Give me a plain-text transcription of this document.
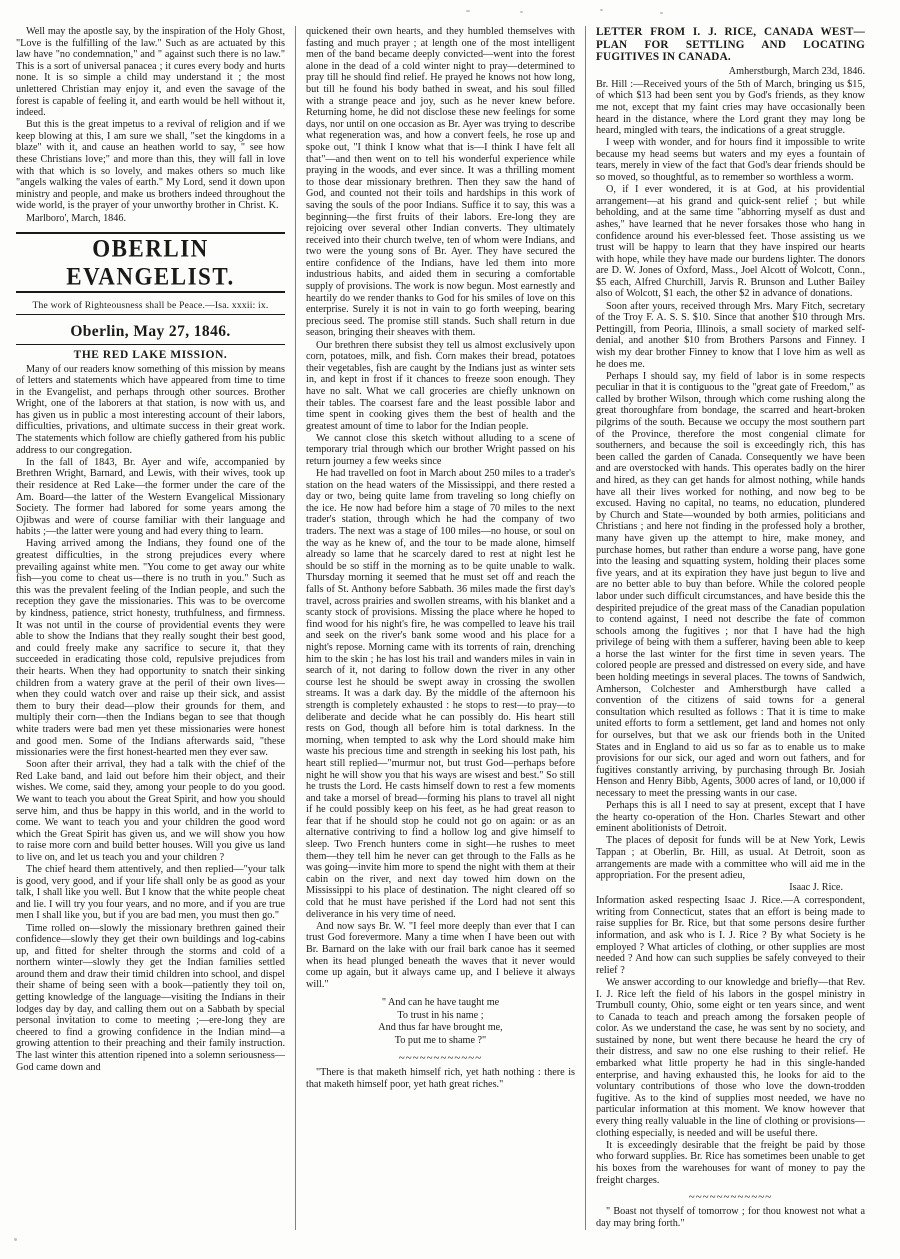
Well may the apostle say, by the inspiration of the Holy Ghost, "Love is the fulfilling of the law." Such as are actuated by this law have "no condemnation," and " against such there is no law." This is a sort of universal panacea ; it cures every body and hurts none. It is so simple a child may understand it ; the most unlettered Christian may enjoy it, and even the savage of the forest is capable of feeling it, and earth would be hell without it, indeed.

But this is the great impetus to a revival of religion and if we keep blowing at this, I am sure we shall, "set the kingdoms in a blaze" with it, and cause an heathen world to say, " see how these Christians love;" and more than this, they will fall in love with that which is so lovely, and makes others so much like "angels walking the vales of earth." My Lord, send it down upon ministry and people, and make us brothers indeed throughout the wide world, is the prayer of your unworthy brother in Christ. K.

Marlboro', March, 1846.
OBERLIN EVANGELIST.
The work of Righteousness shall be Peace.—Isa. xxxii: ix.
Oberlin, May 27, 1846.
THE RED LAKE MISSION.

Many of our readers know something of this mission by means of letters and statements which have appeared from time to time in the Evangelist, and perhaps through other sources. Brother Wright, one of the laborers at that station, is now with us, and has given us in public a most interesting account of their labors, difficulties, privations, and ultimate success in their great work. The statements which follow are chiefly gathered from his public address to our congregation.

In the fall of 1843, Br. Ayer and wife, accompanied by Brethren Wright, Barnard, and Lewis, with their wives, took up their residence at Red Lake—the former under the care of the Am. Board—the latter of the Western Evangelical Missionary Society. The former had labored for some years among the Ojibwas and were of course familiar with their language and habits ;—the latter were young and had every thing to learn.

Having arrived among the Indians, they found one of the greatest difficulties, in the strong prejudices every where prevailing against white men. "You come to get away our white fish—you come to cheat us—there is no truth in you." Such as this was the prevalent feeling of the Indian people, and such the reception they gave the missionaries. This was to be overcome by kindness, patience, strict honesty, truthfulness, and firmness. It was not until in the course of providential events they were able to show the Indians that they really sought their best good, and could freely make any sacrifice to secure it, that they succeeded in eradicating those cold, repulsive prejudices from their hearts. When they had opportunity to snatch their sinking children from a watery grave at the peril of their own lives—when they could watch over and raise up their sick, and assist them to bury their dead—plow their grounds for them, and multiply their corn—then the Indians began to see that though white traders were bad men yet these missionaries were honest and good men. Some of the Indians afterwards said, "these missionaries were the first honest-hearted men they ever saw.

Soon after their arrival, they had a talk with the chief of the Red Lake band, and laid out before him their object, and their wishes. We come, said they, among your people to do you good. We want to teach you about the Great Spirit, and how you should serve him, and thus be happy in this world, and in the world to come. We want to teach you and your children the good word which the Great Spirit has given us, and we will show you how to raise more corn and build better houses. Will you give us land to live on, and let us teach you and your children ?

The chief heard them attentively, and then replied—"your talk is good, very good, and if your life shall only be as good as your talk, I shall like you well. But I know that the white people cheat and lie. I will try you four years, and no more, and if you are true men I shall like you, but if you are bad men, you must then go."

Time rolled on—slowly the missionary brethren gained their confidence—slowly they get their own buildings and log-cabins up, and fitted for shelter through the storms and cold of a northern winter—slowly they get the Indian families settled around them and draw their timid children into school, and dispel their shame of being seen with a book—patiently they toil on, getting knowledge of the language—visiting the Indians in their lodges day by day, and calling them out on a Sabbath by special personal invitation to come to meeting ;—ere-long they are cheered to find a growing confidence in the Indian mind—a growing attention to their preaching and their family instruction. The last winter this attention ripened into a solemn seriousness—God came down and

quickened their own hearts, and they humbled themselves with fasting and much prayer ; at length one of the most intelligent men of the band became deeply convicted—went into the forest alone in the dead of a cold winter night to pray—determined to pray till he should find relief. He prayed he knows not how long, but till he found his body bathed in sweat, and his soul filled with a strange peace and joy, such as he never knew before. Returning home, he did not disclose these new feelings for some days, nor until on one occasion as Br. Ayer was trying to describe what regeneration was, and how a convert feels, he rose up and spoke out, "I think I know what that is—I think I have felt all that"—and then went on to tell his wonderful experience while praying in the woods, and ever since. It was a thrilling moment to those dear missionary brethren. Then they saw the hand of God, and counted not their toils and hardships in this work of saving the souls of the poor Indians. Suffice it to say, this was a beginning—the first fruits of their labors. Ere-long they are rejoicing over several other Indian converts. They ultimately received into their church twelve, ten of whom were Indians, and two were the young sons of Br. Ayer. They have secured the entire confidence of the Indians, have led them into more industrious habits, and aided them in securing a comfortable supply of provisions. The work is now begun. Most earnestly and heartily do we render thanks to God for his smiles of love on this enterprise. Surely it is not in vain to go forth weeping, bearing precious seed. The promise still stands. Such shall return in due season, bringing their sheaves with them.

Our brethren there subsist they tell us almost exclusively upon corn, potatoes, milk, and fish. Corn makes their bread, potatoes their vegetables, fish are caught by the Indians just as winter sets in, and kept in frost if it chances to freeze soon enough. They have no salt. What we call groceries are chiefly unknown on their tables. The coarsest fare and the least possible labor and time spent in cooking gives them the best of health and the greatest amount of time to labor for the Indian people.

We cannot close this sketch without alluding to a scene of temporary trial through which our brother Wright passed on his return journey a few weeks since

He had travelled on foot in March about 250 miles to a trader's station on the head waters of the Mississippi, and there rested a day or two, being quite lame from traveling so long chiefly on the ice. He now had before him a stage of 70 miles to the next trader's station, through which he had the company of two traders. The next was a stage of 100 miles—no house, or soul on the way as he knew of, and the tour to be made alone, himself already so lame that he scarcely dared to rest at night lest he should be so stiff in the morning as to be quite unable to walk. Thursday morning it seemed that he must set off and reach the falls of St. Anthony before Sabbath. 36 miles made the first day's travel, across prairies and swollen streams, with his blanket and a scanty stock of provisions. Missing the place where he hoped to find wood for his night's fire, he was compelled to leave his trail and seek on the river's bank some wood and his place for a night's repose. Morning came with its torrents of rain, drenching him to the skin ; he has lost his trail and wanders miles in vain in search of it, not daring to follow down the river in any other course lest he should be swept away in crossing the swollen streams. It was a dark day. By the middle of the afternoon his strength is completely exhausted : he stops to rest—to pray—to deliberate and decide what he can possibly do. His heart still rests on God, though all before him is total darkness. In the morning, when tempted to ask why the Lord should make him waste his precious time and strength in seeking his lost path, his heart still replied—"murmur not, but trust God—perhaps before night he will show you that his ways are wisest and best." So still he trusts the Lord. He casts himself down to rest a few moments and take a morsel of bread—forming his plans to travel all night if he could possibly keep on his feet, as he had great reason to fear that if he should stop he could not go on again: or as an alternative contriving to find a hollow log and give himself to sleep. Two French hunters come in sight—he rushes to meet them—they tell him he never can get through to the Falls as he was going—invite him more to spend the night with them at their cabin on the river, and next day towed him down on the Mississippi to his place of destination. The night cleared off so cold that he must have perished if the Lord had not sent this deliverance in his very time of need.

And now says Br. W. "I feel more deeply than ever that I can trust God forevermore. Many a time when I have been out with Br. Barnard on the lake with our frail bark canoe has it seemed when its head plunged beneath the waves that it never would come up again, but it always came up, and I believe it always will."

" And can he have taught me
To trust in his name ;
And thus far have brought me,
To put me to shame ?"
~~~~~~~~~~~~

"There is that maketh himself rich, yet hath nothing : there is that maketh himself poor, yet hath great riches."

LETTER FROM I. J. RICE, CANADA WEST—PLAN FOR SETTLING AND LOCATING FUGITIVES IN CANADA.
Amherstburgh, March 23d, 1846.

Br. Hill :—Received yours of the 5th of March, bringing us $15, of which $13 had been sent you by God's friends, as they know me not, except that my faint cries may have occasionally been heard in the distance, where the Lord grant they may long be heard, mingled with tears, the indications of a great struggle.

I weep with wonder, and for hours find it impossible to write because my head seems but waters and my eyes a fountain of tears, merely in view of the fact that God's dear friends should be so moved, so thoughtful, as to remember so worthless a worm.

O, if I ever wondered, it is at God, at his providential arrangement—at his grand and quick-sent relief ; but while beholding, and at the same time "abhorring myself as dust and ashes," have learned that he never forsakes those who hang in confidence around his ever-blessed feet. Those assisting us we trust will be happy to learn that they have inspired our hearts with hope, while they have made our burdens lighter. The donors are D. W. Jones of Oxford, Mass., Joel Alcott of Wolcott, Conn., $5 each, Alfred Churchill, Jarvis R. Brunson and Luther Bailey also of Wolcott, $1 each, the other $2 in advance of donations.

Soon after yours, received through Mrs. Mary Fitch, secretary of the Troy F. A. S. S. $10. Since that another $10 through Mrs. Pettingill, from Peoria, Illinois, a small society of marked self-denial, and another $10 from Brothers Parsons and Finney. I wish my dear brother Finney to know that I love him as well as he does me.

Perhaps I should say, my field of labor is in some respects peculiar in that it is contiguous to the "great gate of Freedom," as called by brother Wilson, through which come rushing along the great thoroughfare from bondage, the scarred and heart-broken pilgrims of the south. Because we occupy the most southern part of the Province, therefore the most congenial climate for southerners, and because the soil is exceedingly rich, this has been called the garden of Canada. Consequently we have been and are overstocked with hands. This operates badly on the hirer and hired, as they can get hands for almost nothing, while hands have all their lives worked for nothing, and now beg to be excused. Having no capital, no teams, no education, plundered by Church and State—wounded by both armies, politicians and Christians ; and here not finding in the professed holy a brother, many have given up the attempt to hire, make money, and purchase homes, but rather than endure a worse pang, have gone into the leasing and squatting system, holding their places some five years, and at its expiration they have just begun to live and are no better able to buy than before. While the colored people labor under such difficult circumstances, and have beside this the despirited prejudice of the great mass of the Canadian population to contend against, I need not describe the fate of common schools among the fugitives ; nor that I have had the high privilege of being with them a sufferer, having been able to keep a horse the last winter for the first time in seven years. The colored people are pressed and distressed on every side, and have been holding meetings in several places. The towns of Sandwich, Amherson, Colchester and Amherstburgh have called a convention of the citizens of said towns for a general consultation which resulted as follows : That it is time to make united efforts to form a settlement, get land and homes not only for ourselves, but that we ask our friends both in the United States and in England to aid us so far as to enable us to make provisions for our sick, our aged and worn out fathers, and for fugitives constantly arriving, by purchasing through Br. Josiah Henson and Henry Bibb, Agents, 3000 acres of land, or 10,000 if necessary to meet the pressing wants in our case.

Perhaps this is all I need to say at present, except that I have the hearty co-operation of the Hon. Charles Stewart and other eminent abolitionists of Detroit.

The places of deposit for funds will be at New York, Lewis Tappan ; at Oberlin, Br. Hill, as usual. At Detroit, soon as arrangements are made with a committee who will aid me in the appropriation. For the present adieu,

Isaac J. Rice.

Information asked respecting Isaac J. Rice.—A correspondent, writing from Connecticut, states that an effort is being made to raise supplies for Br. Rice, but that some persons desire further information, and ask who is I. J. Rice ? By what Society is he employed ? What articles of clothing, or other supplies are most needed ? And how can such supplies be safely conveyed to their relief ?

We answer according to our knowledge and briefly—that Rev. I. J. Rice left the field of his labors in the gospel ministry in Trumbull county, Ohio, some eight or ten years since, and went to Canada to teach and preach among the forsaken people of color. As we understand the case, he was sent by no society, and sustained by none, but went there because he heard the cry of their distress, and saw no one else rushing to their relief. He embarked what little property he had in this single-handed enterprise, and having exhausted this, he looks for aid to the voluntary contributions of those who love the down-trodden fugitive. As to the kind of supplies most needed, we have no particular information at this moment. We know however that every thing really valuable in the line of clothing or provisions—clothing especially, is needed and will be useful there.

It is exceedingly desirable that the freight be paid by those who forward supplies. Br. Rice has sometimes been unable to get his boxes from the warehouses for want of money to pay the freight charges.

~~~~~~~~~~~~

" Boast not thyself of tomorrow ; for thou knowest not what a day may bring forth."
